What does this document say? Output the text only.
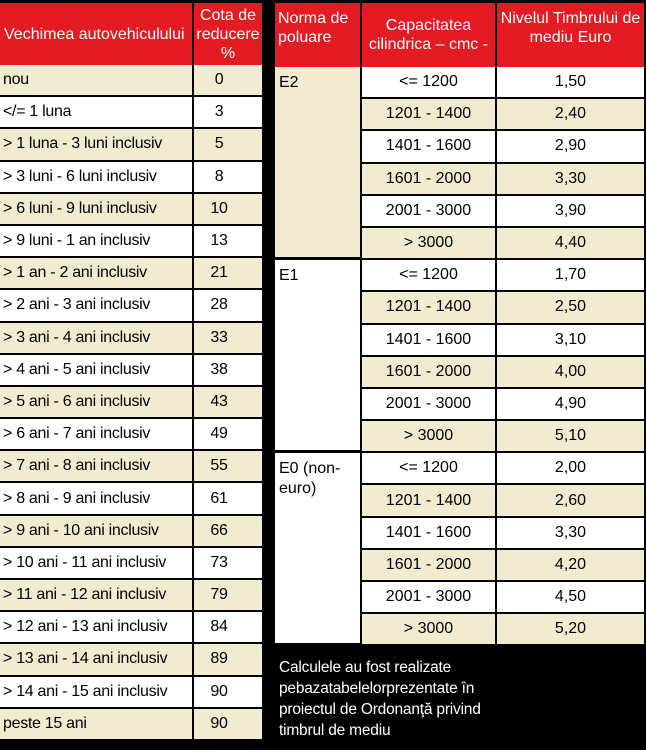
Vechimea autovehiculului	Cota de reducere %
nou	0
</= 1 luna	3
> 1 luna - 3 luni inclusiv	5
> 3 luni - 6 luni inclusiv	8
> 6 luni - 9 luni inclusiv	10
> 9 luni - 1 an inclusiv	13
> 1 an - 2 ani inclusiv	21
> 2 ani - 3 ani inclusiv	28
> 3 ani - 4 ani inclusiv	33
> 4 ani - 5 ani inclusiv	38
> 5 ani - 6 ani inclusiv	43
> 6 ani - 7 ani inclusiv	49
> 7 ani - 8 ani inclusiv	55
> 8 ani - 9 ani inclusiv	61
> 9 ani - 10 ani inclusiv	66
> 10 ani - 11 ani inclusiv	73
> 11 ani - 12 ani inclusiv	79
> 12 ani - 13 ani inclusiv	84
> 13 ani - 14 ani inclusiv	89
> 14 ani - 15 ani inclusiv	90
peste 15 ani	90
Norma de poluare	Capacitatea cilindrica – cmc -	Nivelul Timbrului de mediu Euro
E2	<= 1200	1,50
	1201 - 1400	2,40
	1401 - 1600	2,90
	1601 - 2000	3,30
	2001 - 3000	3,90
	> 3000	4,40
E1	<= 1200	1,70
	1201 - 1400	2,50
	1401 - 1600	3,10
	1601 - 2000	4,00
	2001 - 3000	4,90
	> 3000	5,10
E0 (non-euro)	<= 1200	2,00
	1201 - 1400	2,60
	1401 - 1600	3,30
	1601 - 2000	4,20
	2001 - 3000	4,50
	> 3000	5,20
Calculele au fost realizate pebazatabelelorprezentate în proiectul de Ordonanţă privind timbrul de mediu
